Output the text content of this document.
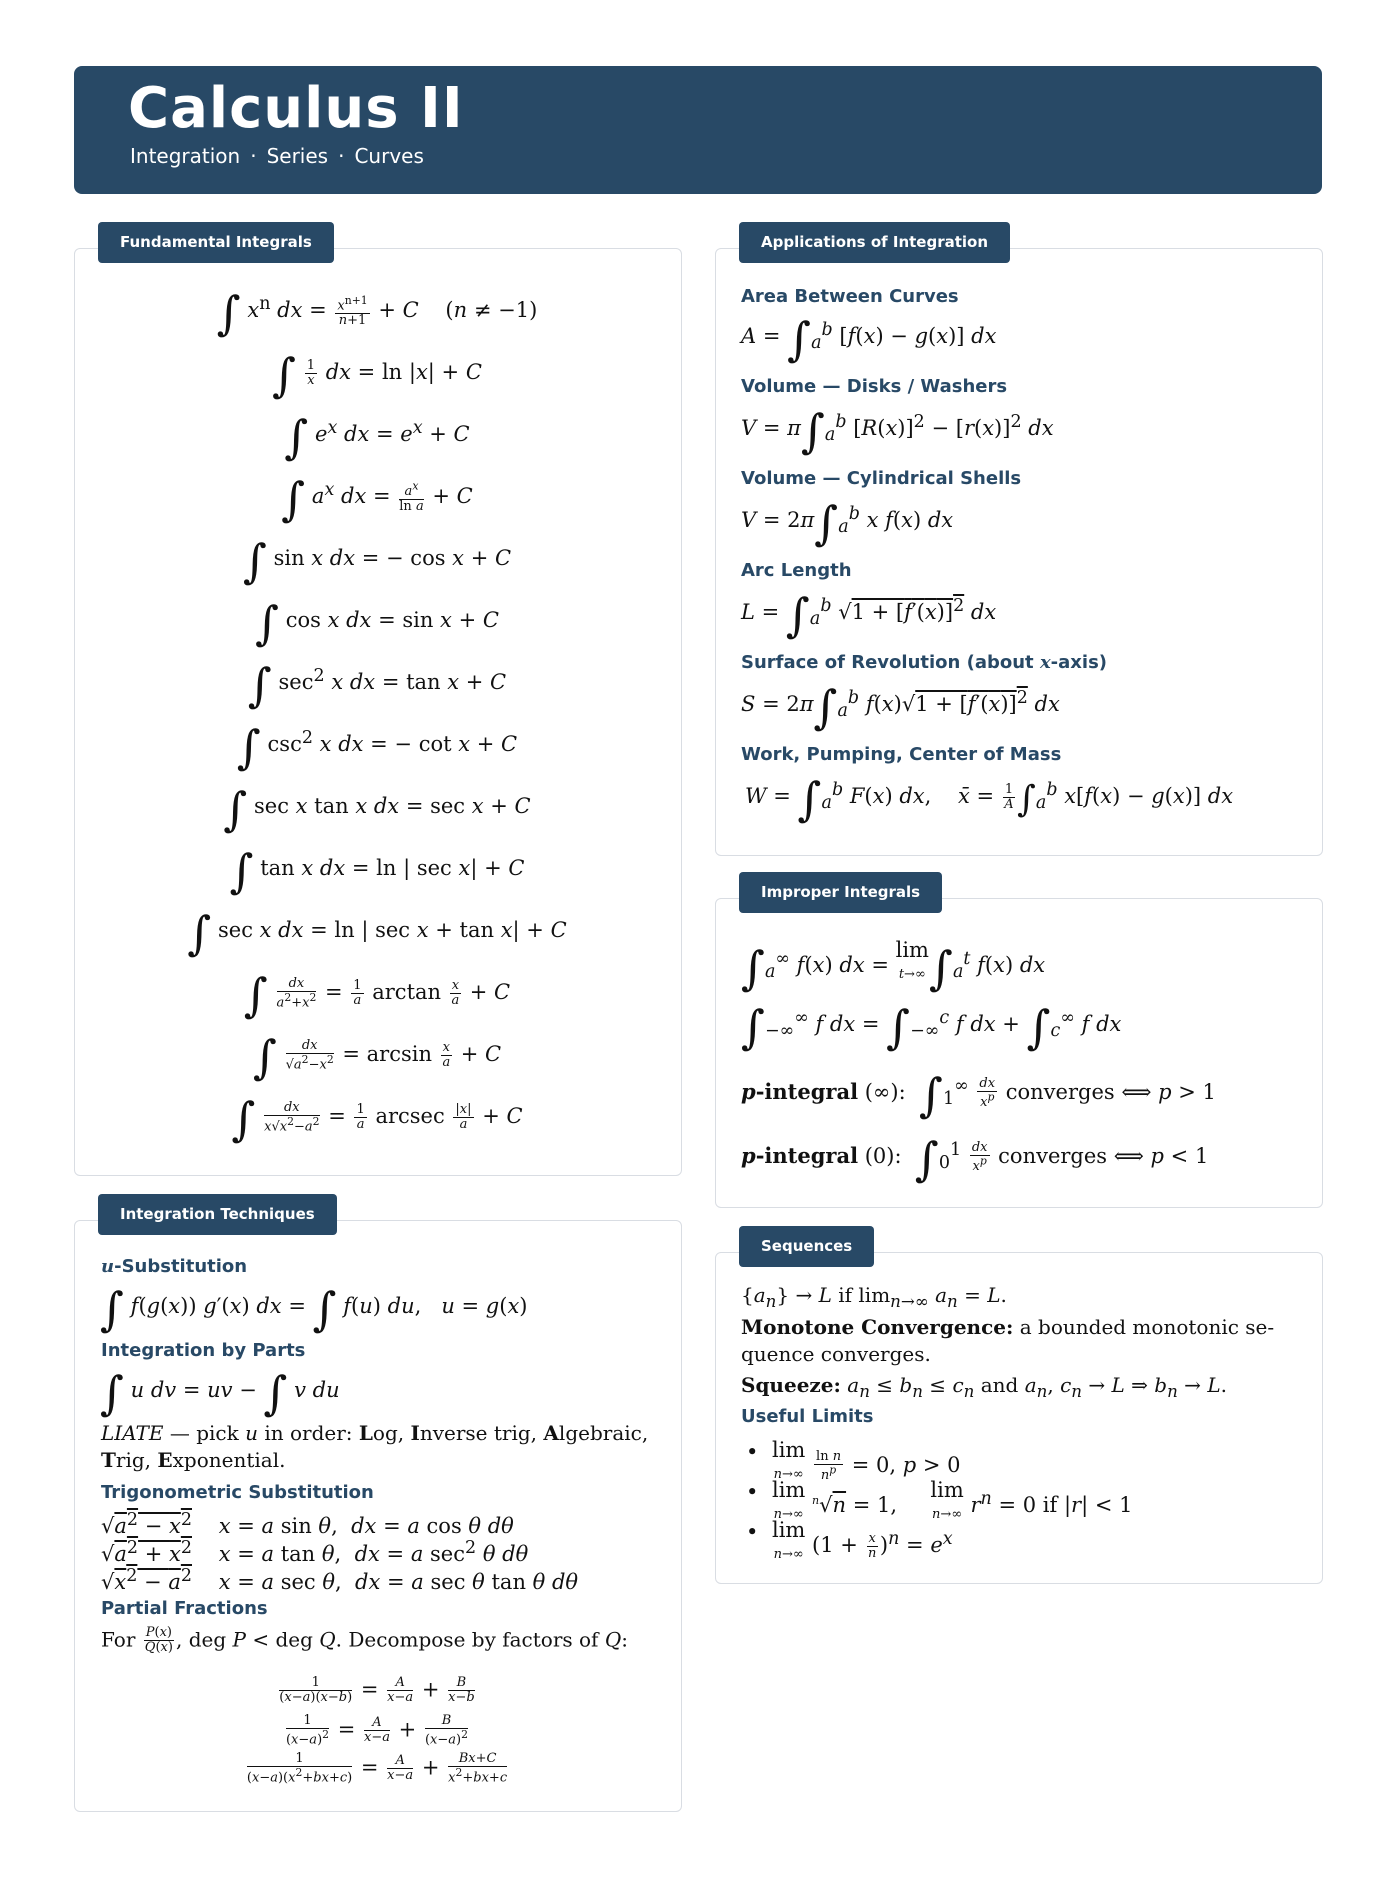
Calculus II
Integration · Series · Curves
Fundamental Integrals
∫ $x^n$ dx = $\frac{x^{n+1}}{n+1} + C$    (n ≠ −1)
∫ $\frac{1}{x}$ dx = ln |x| + C
∫ $e^x$ dx = $e^x + C$
∫ $a^x$ dx = $\frac{a^x}{\text{ln a}} + C$
∫ sin x dx = − cos x + C
∫ cos x dx = sin x + C
∫ $\sec^2 x$ dx = tan x + C
∫ $\csc^2 x$ dx = − cot x + C
∫ sec x tan x dx = sec x + C
∫ tan x dx = ln | sec x| + C
∫ sec x dx = ln | sec x + tan x| + C
∫ $\frac{dx}{a^2+x^2} = \frac{1}{a}$ $\arctan \frac{x}{a} + C$
∫ $\frac{dx}{√a^2-x^2} = \arcsin \frac{x}{a} + C$
∫ $\frac{dx}{x√x^2-a^2} = \frac{1}{a}$ arcsec $\frac{|x|}{a} + C$
Integration Techniques
u-Substitution
∫ f(g(x)) g′(x) dx = ∫ f(u) du,   u = g(x)
Integration by Parts
∫ u dv = uv − ∫ v du
LIATE — pick u in order: Log, Inverse trig, Algebraic,
Trig, Exponential.
Trigonometric Substitution
$√a^2 - x^2$ x = a sin θ,  dx = a cos θ dθ
$√a^2 + x^2$ x = a tan θ,  dx = a $\sec^2 \theta$ dθ
$√x^2 - a^2$ x = a sec θ,  dx = a sec θ tan θ dθ
Partial Fractions
For $\frac{P(x)}{Q(x)}$ , deg P < deg Q. Decompose by factors of Q:
$\frac{1}{(x-a)(x-b)} = \frac{A}{x-a} + \frac{B}{x-b}$
$\frac{1}{(x-a)^2} = \frac{A}{x-a} + \frac{B}{(x-a)^2}$
$\frac{1}{(x-a)(x^2+bx+c)} = \frac{A}{x-a} + \frac{Bx+C}{x^2+bx+c}$
Applications of Integration
Area Between Curves
$A = \int_a^b$ [f(x) − g(x)] dx
Volume — Disks / Washers
$V = \pi\int_a^b$ $[R(x)]^2 - [r(x)]^2$ dx
Volume — Cylindrical Shells
$V = 2\pi\int_a^b$ x f(x) dx
Arc Length
$L = \int_a^b$ $√1 + [f'(x)]^2$ dx
Surface of Revolution (about x-axis)
$S = 2\pi\int_a^b$ $f(x)√1 + [f'(x)]^2$ dx
Work, Pumping, Center of Mass
$W = \int_a^b$ F(x) dx,    x̄ = $\frac{1}{A} \int_a^b$ x[f(x) − g(x)] dx
Improper Integrals
$\int_a^\infty$ f(x) dx = lim
$t\to\infty\int_a^t$ f(x) dx
$\int_{-\infty}^\infty$ f dx = $\int_{-\infty}^c$ f dx + $\int_c^\infty$ f dx
p-integral (∞):  $\int_1^\infty \frac{dx}{x^p}$ converges ⟺ p > 1
p-integral (0):  $\int_0^1 \frac{dx}{x^p}$ converges ⟺ p < 1
Sequences
$\{a_n\} \to L$ if $\lim_{n\to\infty} a_n = L$.
Monotone Convergence: a bounded monotonic se-
quence converges.
Squeeze: $a_n \le b_n \le c_n$ and $a_n$, $c_n \to L$ ⇒ $b_n \to L$.
Useful Limits
• lim
$n\to\infty \frac{\text{ln n}}{n^p} = 0$, p > 0
• lim
n→∞ $^n$√n = 1,     lim
n→∞ $r^n = 0$ if |r| < 1
• lim
n→∞ $(1 + \frac{x}{n} )^n = e^x$
